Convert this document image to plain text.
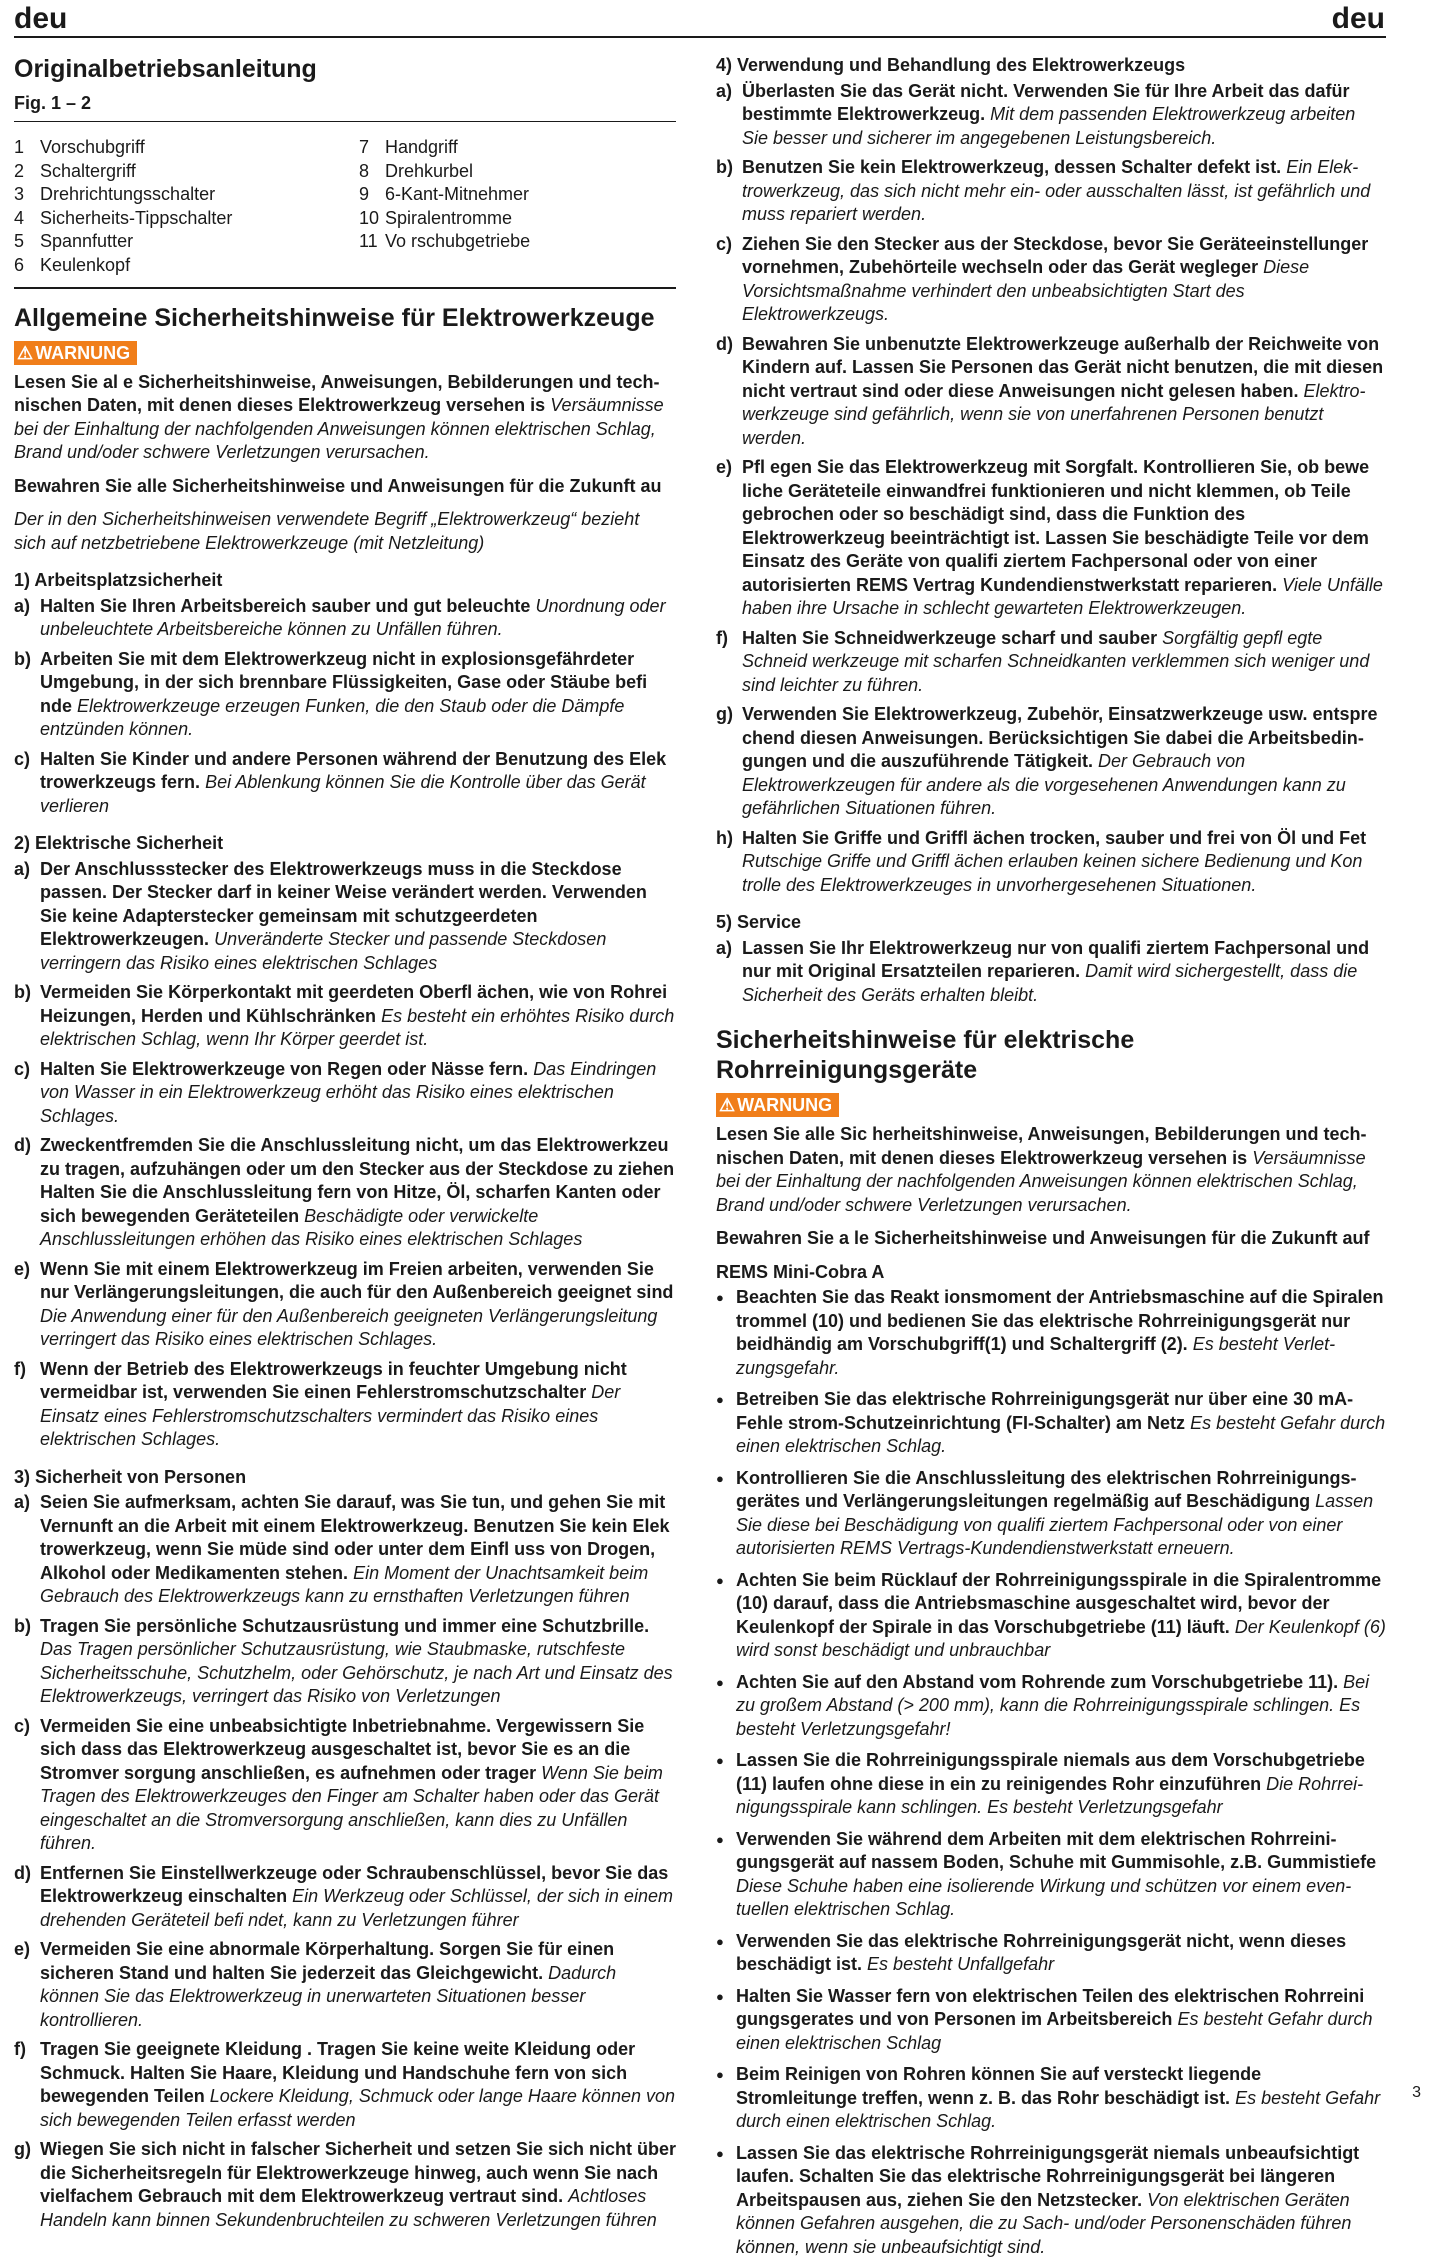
deu	deu
Originalbetriebsanleitung
Fig. 1 – 2
1 Vorschubgriff	7 Handgriff
2 Schaltergriff	8 Drehkurbel
3 Drehrichtungsschalter	9 6-Kant-Mitnehmer
4 Sicherheits-Tippschalter	10 Spiralentromme
5 Spannfutter	11 Vo rschubgetriebe
6 Keulenkopf
Allgemeine Sicherheitshinweise für Elektrowerkzeuge
⚠ WARNUNG

Lesen Sie al e Sicherheitshinweise, Anweisungen, Bebilderungen und technischen Daten, mit denen dieses Elektrowerkzeug versehen is Versäumnisse bei der Einhaltung der nachfolgenden Anweisungen können elektrischen Schlag, Brand und/oder schwere Verletzungen verursachen.

Bewahren Sie alle Sicherheitshinweise und Anweisungen für die Zukunft au

Der in den Sicherheitshinweisen verwendete Begriff „Elektrowerkzeug“ bezieht sich auf netzbetriebene Elektrowerkzeuge (mit Netzleitung)

1) Arbeitsplatzsicherheit
a) Halten Sie Ihren Arbeitsbereich sauber und gut beleuchte Unordnung oder unbeleuchtete Arbeitsbereiche können zu Unfällen führen.
b) Arbeiten Sie mit dem Elektrowerkzeug nicht in explosionsgefährdeter Umgebung, in der sich brennbare Flüssigkeiten, Gase oder Stäube befi nde Elektrowerkzeuge erzeugen Funken, die den Staub oder die Dämpfe entzünden können.
c) Halten Sie Kinder und andere Personen während der Benutzung des Elek trowerkzeugs fern. Bei Ablenkung können Sie die Kontrolle über das Gerät verlieren
2) Elektrische Sicherheit
a) Der Anschlussstecker des Elektrowerkzeugs muss in die Steckdose passen. Der Stecker darf in keiner Weise verändert werden. Verwenden Sie keine Adapterstecker gemeinsam mit schutzgeerdeten Elektrowerkzeugen. Unveränderte Stecker und passende Steckdosen verringern das Risiko eines elektrischen Schlages
b) Vermeiden Sie Körperkontakt mit geerdeten Oberfl ächen, wie von Rohrei Heizungen, Herden und Kühlschränken Es besteht ein erhöhtes Risiko durch elektrischen Schlag, wenn Ihr Körper geerdet ist.
c) Halten Sie Elektrowerkzeuge von Regen oder Nässe fern. Das Eindringen von Wasser in ein Elektrowerkzeug erhöht das Risiko eines elektrischen Schlages.
d) Zweckentfremden Sie die Anschlussleitung nicht, um das Elektrowerkzeu zu tragen, aufzuhängen oder um den Stecker aus der Steckdose zu ziehen Halten Sie die Anschlussleitung fern von Hitze, Öl, scharfen Kanten oder sich bewegenden Geräteteilen Beschädigte oder verwickelte Anschlussleitungen erhöhen das Risiko eines elektrischen Schlages
e) Wenn Sie mit einem Elektrowerkzeug im Freien arbeiten, verwenden Sie nur Verlängerungsleitungen, die auch für den Außenbereich geeignet sind Die Anwendung einer für den Außenbereich geeigneten Verlängerungsleitung verringert das Risiko eines elektrischen Schlages.
f) Wenn der Betrieb des Elektrowerkzeugs in feuchter Umgebung nicht vermeidbar ist, verwenden Sie einen Fehlerstromschutzschalter Der Einsatz eines Fehlerstromschutzschalters vermindert das Risiko eines elektrischen Schlages.
3) Sicherheit von Personen
a) Seien Sie aufmerksam, achten Sie darauf, was Sie tun, und gehen Sie mit Vernunft an die Arbeit mit einem Elektrowerkzeug. Benutzen Sie kein Elek trowerkzeug, wenn Sie müde sind oder unter dem Einfl uss von Drogen, Alkohol oder Medikamenten stehen. Ein Moment der Unachtsamkeit beim Gebrauch des Elektrowerkzeugs kann zu ernsthaften Verletzungen führen
b) Tragen Sie persönliche Schutzausrüstung und immer eine Schutzbrille. Das Tragen persönlicher Schutzausrüstung, wie Staubmaske, rutschfeste Sicherheitsschuhe, Schutzhelm, oder Gehörschutz, je nach Art und Einsatz des Elektrowerkzeugs, verringert das Risiko von Verletzungen
c) Vermeiden Sie eine unbeabsichtigte Inbetriebnahme. Vergewissern Sie sich dass das Elektrowerkzeug ausgeschaltet ist, bevor Sie es an die Stromver sorgung anschließen, es aufnehmen oder trager Wenn Sie beim Tragen des Elektrowerkzeuges den Finger am Schalter haben oder das Gerät eingeschaltet an die Stromversorgung anschließen, kann dies zu Unfällen führen.
d) Entfernen Sie Einstellwerkzeuge oder Schraubenschlüssel, bevor Sie das Elektrowerkzeug einschalten Ein Werkzeug oder Schlüssel, der sich in einem drehenden Geräteteil befi ndet, kann zu Verletzungen führer
e) Vermeiden Sie eine abnormale Körperhaltung. Sorgen Sie für einen sicheren Stand und halten Sie jederzeit das Gleichgewicht. Dadurch können Sie das Elektrowerkzeug in unerwarteten Situationen besser kontrollieren.
f) Tragen Sie geeignete Kleidung . Tragen Sie keine weite Kleidung oder Schmuck. Halten Sie Haare, Kleidung und Handschuhe fern von sich bewegenden Teilen Lockere Kleidung, Schmuck oder lange Haare können von sich bewegenden Teilen erfasst werden
g) Wiegen Sie sich nicht in falscher Sicherheit und setzen Sie sich nicht über die Sicherheitsregeln für Elektrowerkzeuge hinweg, auch wenn Sie nach vielfachem Gebrauch mit dem Elektrowerkzeug vertraut sind. Achtloses Handeln kann binnen Sekundenbruchteilen zu schweren Verletzungen führen
4) Verwendung und Behandlung des Elektrowerkzeugs
a) Überlasten Sie das Gerät nicht. Verwenden Sie für Ihre Arbeit das dafür bestimmte Elektrowerkzeug. Mit dem passenden Elektrowerkzeug arbeiten Sie besser und sicherer im angegebenen Leistungsbereich.
b) Benutzen Sie kein Elektrowerkzeug, dessen Schalter defekt ist. Ein Elektrowerkzeug, das sich nicht mehr ein- oder ausschalten lässt, ist gefährlich und muss repariert werden.
c) Ziehen Sie den Stecker aus der Steckdose, bevor Sie Geräteeinstellunger vornehmen, Zubehörteile wechseln oder das Gerät wegleger Diese Vorsichtsmaßnahme verhindert den unbeabsichtigten Start des Elektrowerkzeugs.
d) Bewahren Sie unbenutzte Elektrowerkzeuge außerhalb der Reichweite von Kindern auf. Lassen Sie Personen das Gerät nicht benutzen, die mit diesen nicht vertraut sind oder diese Anweisungen nicht gelesen haben. Elektrowerkzeuge sind gefährlich, wenn sie von unerfahrenen Personen benutzt werden.
e) Pfl egen Sie das Elektrowerkzeug mit Sorgfalt. Kontrollieren Sie, ob bewe liche Geräteteile einwandfrei funktionieren und nicht klemmen, ob Teile gebrochen oder so beschädigt sind, dass die Funktion des Elektrowerkzeug beeinträchtigt ist. Lassen Sie beschädigte Teile vor dem Einsatz des Geräte von qualifi ziertem Fachpersonal oder von einer autorisierten REMS Vertrag Kundendienstwerkstatt reparieren. Viele Unfälle haben ihre Ursache in schlecht gewarteten Elektrowerkzeugen.
f) Halten Sie Schneidwerkzeuge scharf und sauber Sorgfältig gepfl egte Schneid werkzeuge mit scharfen Schneidkanten verklemmen sich weniger und sind leichter zu führen.
g) Verwenden Sie Elektrowerkzeug, Zubehör, Einsatzwerkzeuge usw. entspre chend diesen Anweisungen. Berücksichtigen Sie dabei die Arbeitsbedingungen und die auszuführende Tätigkeit. Der Gebrauch von Elektrowerkzeugen für andere als die vorgesehenen Anwendungen kann zu gefährlichen Situationen führen.
h) Halten Sie Griffe und Griffl ächen trocken, sauber und frei von Öl und Fet Rutschige Griffe und Griffl ächen erlauben keinen sichere Bedienung und Kon trolle des Elektrowerkzeuges in unvorhergesehenen Situationen.
5) Service
a) Lassen Sie Ihr Elektrowerkzeug nur von qualifi ziertem Fachpersonal und nur mit Original Ersatzteilen reparieren. Damit wird sichergestellt, dass die Sicherheit des Geräts erhalten bleibt.
Sicherheitshinweise für elektrische Rohrreinigungsgeräte
⚠ WARNUNG

Lesen Sie alle Sic herheitshinweise, Anweisungen, Bebilderungen und technischen Daten, mit denen dieses Elektrowerkzeug versehen is Versäumnisse bei der Einhaltung der nachfolgenden Anweisungen können elektrischen Schlag, Brand und/oder schwere Verletzungen verursachen.

Bewahren Sie a le Sicherheitshinweise und Anweisungen für die Zukunft auf

REMS Mini-Cobra A
● Beachten Sie das Reakt ionsmoment der Antriebsmaschine auf die Spiralen trommel (10) und bedienen Sie das elektrische Rohrreinigungsgerät nur beidhändig am Vorschubgriff(1) und Schaltergriff (2). Es besteht Verletzungsgefahr.
● Betreiben Sie das elektrische Rohrreinigungsgerät nur über eine 30 mA-Fehle strom-Schutzeinrichtung (FI-Schalter) am Netz Es besteht Gefahr durch einen elektrischen Schlag.
● Kontrollieren Sie die Anschlussleitung des elektrischen Rohrreinigungsgerätes und Verlängerungsleitungen regelmäßig auf Beschädigung Lassen Sie diese bei Beschädigung von qualifi ziertem Fachpersonal oder von einer autorisierten REMS Vertrags-Kundendienstwerkstatt erneuern.
● Achten Sie beim Rücklauf der Rohrreinigungsspirale in die Spiralentromme (10) darauf, dass die Antriebsmaschine ausgeschaltet wird, bevor der Keulenkopf der Spirale in das Vorschubgetriebe (11) läuft. Der Keulenkopf (6) wird sonst beschädigt und unbrauchbar
● Achten Sie auf den Abstand vom Rohrende zum Vorschubgetriebe 11). Bei zu großem Abstand (> 200 mm), kann die Rohrreinigungsspirale schlingen. Es besteht Verletzungsgefahr!
● Lassen Sie die Rohrreinigungsspirale niemals aus dem Vorschubgetriebe (11) laufen ohne diese in ein zu reinigendes Rohr einzuführen Die Rohrreinigungsspirale kann schlingen. Es besteht Verletzungsgefahr
● Verwenden Sie während dem Arbeiten mit dem elektrischen Rohrreinigungsgerät auf nassem Boden, Schuhe mit Gummisohle, z.B. Gummistiefe Diese Schuhe haben eine isolierende Wirkung und schützen vor einem eventuellen elektrischen Schlag.
● Verwenden Sie das elektrische Rohrreinigungsgerät nicht, wenn dieses beschädigt ist. Es besteht Unfallgefahr
● Halten Sie Wasser fern von elektrischen Teilen des elektrischen Rohrreini gungsgerates und von Personen im Arbeitsbereich Es besteht Gefahr durch einen elektrischen Schlag
● Beim Reinigen von Rohren können Sie auf versteckt liegende Stromleitunge treffen, wenn z. B. das Rohr beschädigt ist. Es besteht Gefahr durch einen elektrischen Schlag.
● Lassen Sie das elektrische Rohrreinigungsgerät niemals unbeaufsichtigt laufen. Schalten Sie das elektrische Rohrreinigungsgerät bei längeren Arbeitspausen aus, ziehen Sie den Netzstecker. Von elektrischen Geräten können Gefahren ausgehen, die zu Sach- und/oder Personenschäden führen können, wenn sie unbeaufsichtigt sind.
3
